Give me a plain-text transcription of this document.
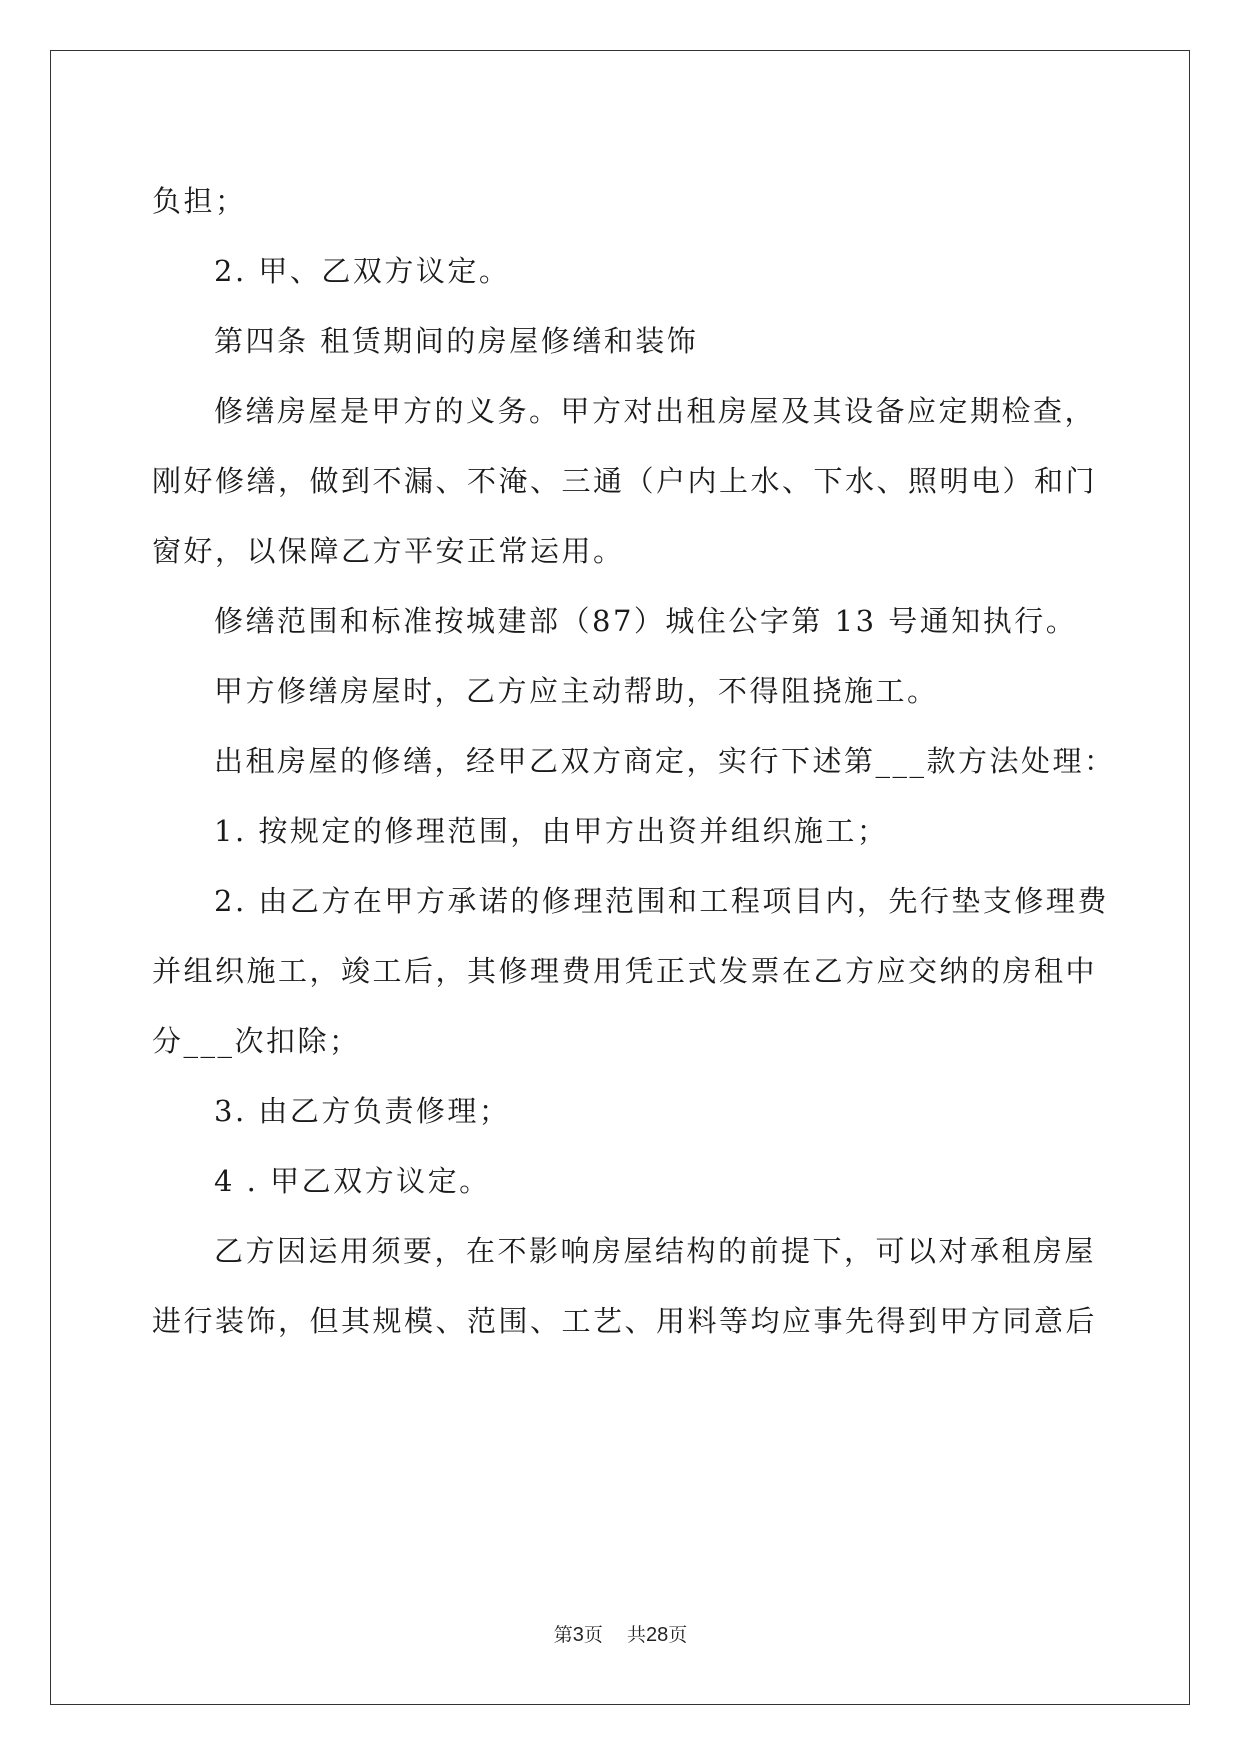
负担；
2. 甲、乙双方议定。
第四条 租赁期间的房屋修缮和装饰
修缮房屋是甲方的义务。甲方对出租房屋及其设备应定期检查，
刚好修缮，做到不漏、不淹、三通（户内上水、下水、照明电）和门
窗好，以保障乙方平安正常运用。
修缮范围和标准按城建部（87）城住公字第 13 号通知执行。
甲方修缮房屋时，乙方应主动帮助，不得阻挠施工。
出租房屋的修缮，经甲乙双方商定，实行下述第___款方法处理：
1. 按规定的修理范围，由甲方出资并组织施工；
2. 由乙方在甲方承诺的修理范围和工程项目内，先行垫支修理费
并组织施工，竣工后，其修理费用凭正式发票在乙方应交纳的房租中
分___次扣除；
3. 由乙方负责修理；
4 . 甲乙双方议定。
乙方因运用须要，在不影响房屋结构的前提下，可以对承租房屋
进行装饰，但其规模、范围、工艺、用料等均应事先得到甲方同意后
第3页 共28页
